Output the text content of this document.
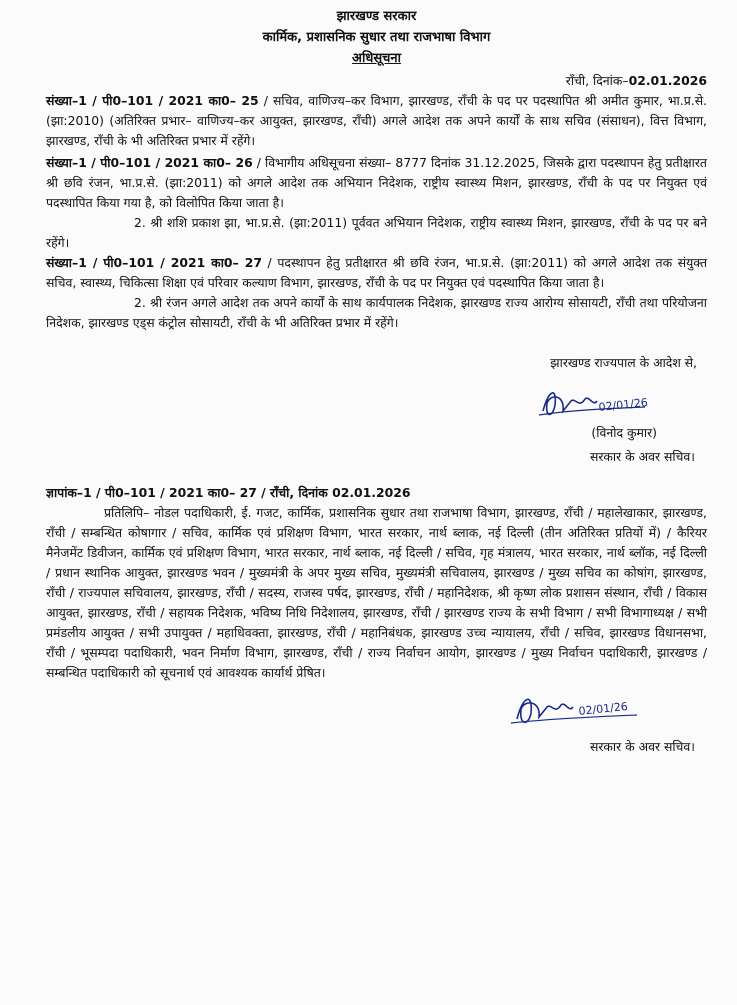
झारखण्ड सरकार
कार्मिक, प्रशासनिक सुधार तथा राजभाषा विभाग
अधिसूचना
राँची, दिनांक–02.01.2026

संख्या–1 / पी0–101 / 2021 का0– 25 / सचिव, वाणिज्य–कर विभाग, झारखण्ड, राँची के पद पर पदस्थापित श्री अमीत कुमार, भा.प्र.से. (झा:2010) (अतिरिक्त प्रभार– वाणिज्य–कर आयुक्त, झारखण्ड, राँची) अगले आदेश तक अपने कार्यों के साथ सचिव (संसाधन), वित्त विभाग, झारखण्ड, राँची के भी अतिरिक्त प्रभार में रहेंगे।

संख्या–1 / पी0–101 / 2021 का0– 26 / विभागीय अधिसूचना संख्या– 8777 दिनांक 31.12.2025, जिसके द्वारा पदस्थापन हेतु प्रतीक्षारत श्री छवि रंजन, भा.प्र.से. (झा:2011) को अगले आदेश तक अभियान निदेशक, राष्ट्रीय स्वास्थ्य मिशन, झारखण्ड, राँची के पद पर नियुक्त एवं पदस्थापित किया गया है, को विलोपित किया जाता है।

2. श्री शशि प्रकाश झा, भा.प्र.से. (झा:2011) पूर्ववत अभियान निदेशक, राष्ट्रीय स्वास्थ्य मिशन, झारखण्ड, राँची के पद पर बने रहेंगे।

संख्या–1 / पी0–101 / 2021 का0– 27 / पदस्थापन हेतु प्रतीक्षारत श्री छवि रंजन, भा.प्र.से. (झा:2011) को अगले आदेश तक संयुक्त सचिव, स्वास्थ्य, चिकित्सा शिक्षा एवं परिवार कल्याण विभाग, झारखण्ड, राँची के पद पर नियुक्त एवं पदस्थापित किया जाता है।

2. श्री रंजन अगले आदेश तक अपने कार्यों के साथ कार्यपालक निदेशक, झारखण्ड राज्य आरोग्य सोसायटी, राँची तथा परियोजना निदेशक, झारखण्ड एड्स कंट्रोल सोसायटी, राँची के भी अतिरिक्त प्रभार में रहेंगे।

झारखण्ड राज्यपाल के आदेश से,
02/01/26
(विनोद कुमार)
सरकार के अवर सचिव।
ज्ञापांक–1 / पी0–101 / 2021 का0– 27 / राँची, दिनांक 02.01.2026

प्रतिलिपि– नोडल पदाधिकारी, ई. गजट, कार्मिक, प्रशासनिक सुधार तथा राजभाषा विभाग, झारखण्ड, राँची / महालेखाकार, झारखण्ड, राँची / सम्बन्धित कोषागार / सचिव, कार्मिक एवं प्रशिक्षण विभाग, भारत सरकार, नार्थ ब्लाक, नई दिल्ली (तीन अतिरिक्त प्रतियों में) / कैरियर मैनेजमेंट डिवीजन, कार्मिक एवं प्रशिक्षण विभाग, भारत सरकार, नार्थ ब्लाक, नई दिल्ली / सचिव, गृह मंत्रालय, भारत सरकार, नार्थ ब्लॉक, नई दिल्ली / प्रधान स्थानिक आयुक्त, झारखण्ड भवन / मुख्यमंत्री के अपर मुख्य सचिव, मुख्यमंत्री सचिवालय, झारखण्ड / मुख्य सचिव का कोषांग, झारखण्ड, राँची / राज्यपाल सचिवालय, झारखण्ड, राँची / सदस्य, राजस्व पर्षद, झारखण्ड, राँची / महानिदेशक, श्री कृष्ण लोक प्रशासन संस्थान, राँची / विकास आयुक्त, झारखण्ड, राँची / सहायक निदेशक, भविष्य निधि निदेशालय, झारखण्ड, राँची / झारखण्ड राज्य के सभी विभाग / सभी विभागाध्यक्ष / सभी प्रमंडलीय आयुक्त / सभी उपायुक्त / महाधिवक्ता, झारखण्ड, राँची / महानिबंधक, झारखण्ड उच्च न्यायालय, राँची / सचिव, झारखण्ड विधानसभा, राँची / भूसम्पदा पदाधिकारी, भवन निर्माण विभाग, झारखण्ड, राँची / राज्य निर्वाचन आयोग, झारखण्ड / मुख्य निर्वाचन पदाधिकारी, झारखण्ड / सम्बन्धित पदाधिकारी को सूचनार्थ एवं आवश्यक कार्यार्थ प्रेषित।

02/01/26
सरकार के अवर सचिव।
